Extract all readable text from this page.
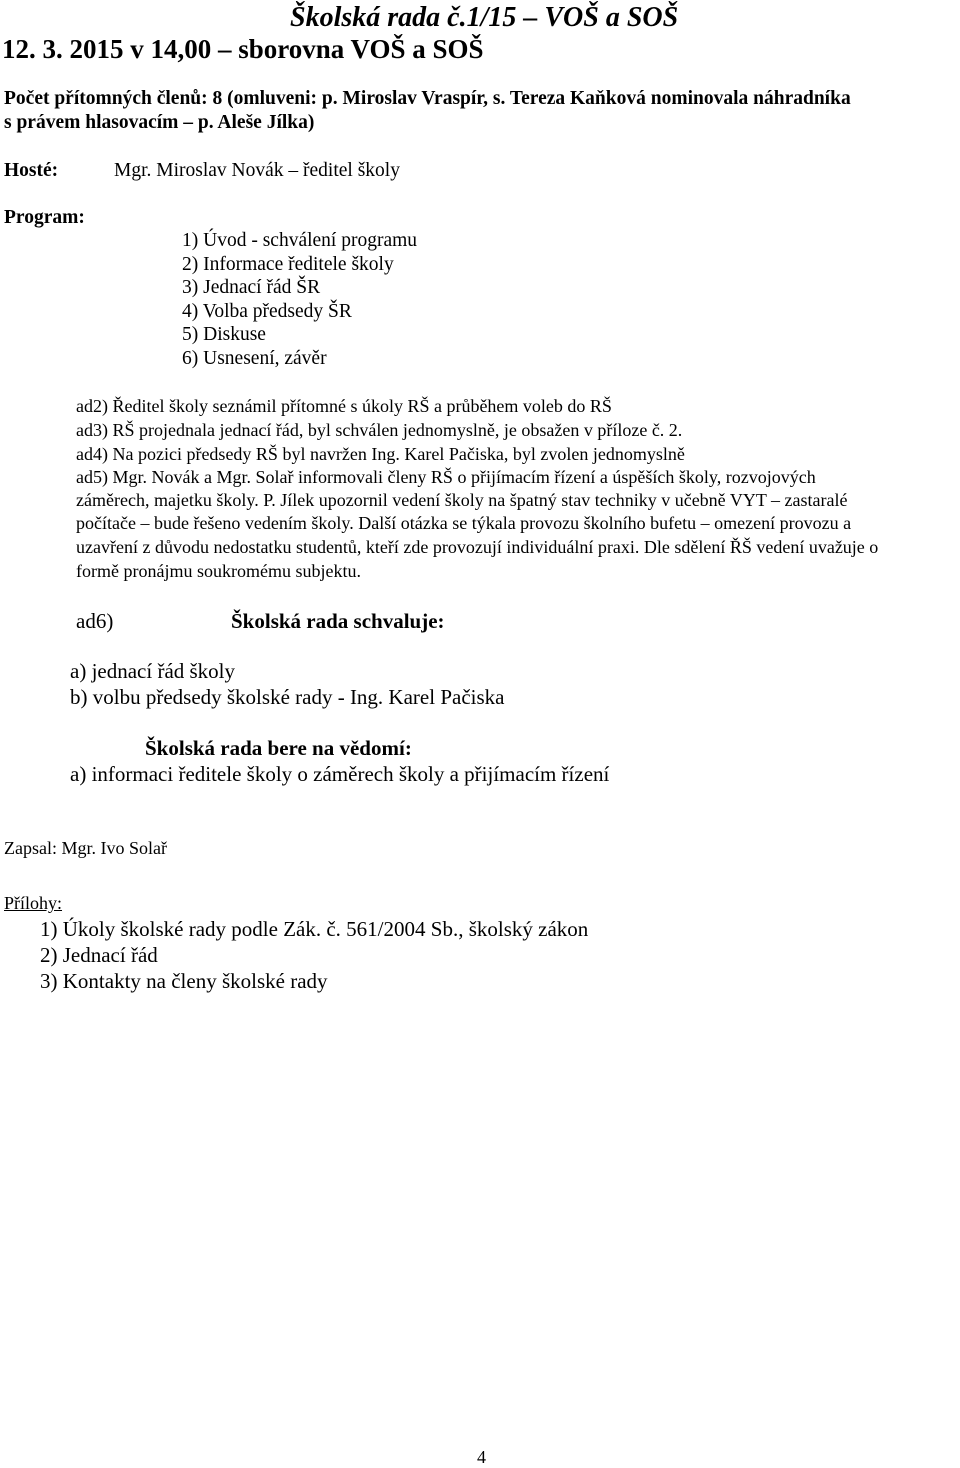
Školská rada č.1/15 – VOŠ a SOŠ
12. 3. 2015 v 14,00 – sborovna VOŠ a SOŠ
Počet přítomných členů: 8 (omluveni: p. Miroslav Vraspír, s. Tereza Kaňková nominovala náhradníka
s právem hlasovacím – p. Aleše Jílka)
Hosté:	Mgr. Miroslav Novák – ředitel školy
Program:
1) Úvod - schválení programu
2) Informace ředitele školy
3) Jednací řád ŠR
4) Volba předsedy ŠR
5) Diskuse
6) Usnesení, závěr
ad2) Ředitel školy seznámil přítomné s úkoly RŠ a průběhem voleb do RŠ
ad3) RŠ projednala jednací řád, byl schválen jednomyslně, je obsažen v příloze č. 2.
ad4) Na pozici předsedy RŠ byl navržen Ing. Karel Pačiska, byl zvolen jednomyslně
ad5) Mgr. Novák a Mgr. Solař informovali členy RŠ o přijímacím řízení a úspěších školy, rozvojových
záměrech, majetku školy. P. Jílek upozornil vedení školy na špatný stav techniky v učebně VYT – zastaralé
počítače – bude řešeno vedením školy. Další otázka se týkala provozu školního bufetu – omezení provozu a
uzavření z důvodu nedostatku studentů, kteří zde provozují individuální praxi. Dle sdělení ŘŠ vedení uvažuje o
formě pronájmu soukromému subjektu.
ad6)	Školská rada schvaluje:
a) jednací řád školy
b) volbu předsedy školské rady - Ing. Karel Pačiska
Školská rada bere na vědomí:
a) informaci ředitele školy o záměrech školy a přijímacím řízení
Zapsal: Mgr. Ivo Solař
Přílohy:
1) Úkoly školské rady podle Zák. č. 561/2004 Sb., školský zákon
2) Jednací řád
3) Kontakty na členy školské rady
4
